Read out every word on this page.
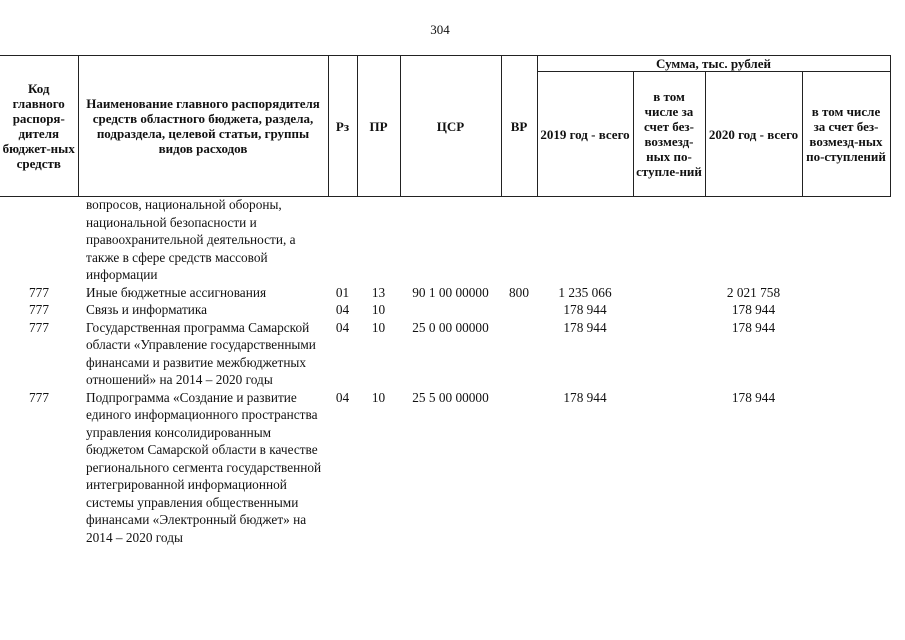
304
Код главного распоря-дителя бюджет-ных средств	Наименование главного распорядителя средств областного бюджета, раздела, подраздела, целевой статьи, группы видов расходов	Рз	ПР	ЦСР	ВР	Сумма, тыс. рублей			
						2019 год - всего	в том числе за счет без-возмезд-ных по-ступле-ний	2020 год - всего	в том числе за счет без-возмезд-ных по-ступлений
	вопросов, национальной обороны, национальной безопасности и правоохранительной деятельности, а также в сфере средств массовой информации								
777	Иные бюджетные ассигнования	01	13	90 1 00 00000	800	1 235 066		2 021 758	
777	Связь и информатика	04	10			178 944		178 944	
777	Государственная программа Самарской области «Управление государственными финансами и развитие межбюджетных отношений» на 2014 – 2020 годы	04	10	25 0 00 00000		178 944		178 944	
777	Подпрограмма «Создание и развитие единого информационного пространства управления консолидированным бюджетом Самарской области в качестве регионального сегмента государственной интегрированной информационной системы управления общественными финансами «Электронный бюджет» на 2014 – 2020 годы	04	10	25 5 00 00000		178 944		178 944	
